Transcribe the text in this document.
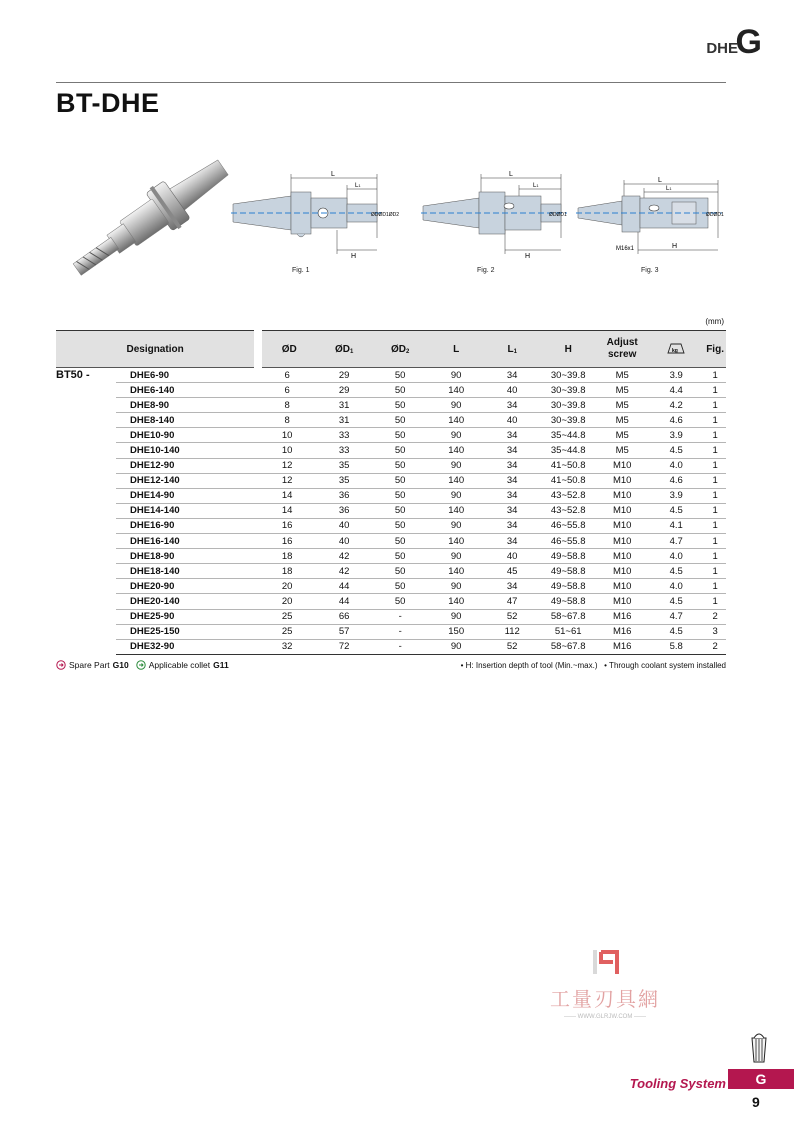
DHE
G
BT-DHE
L
L1
H
ØDØD1ØD2
Fig. 1
L
L1
H
ØDØD1
Fig. 2
L
L1
H
ØDØD1
M16x1
Fig. 3
(mm)
Designation		ØD	ØD1	ØD2	L	L1	H	Adjust screw	kg	Fig.
BT50 -	DHE6-90	6	29	50	90	34	30~39.8	M5	3.9	1
	DHE6-140	6	29	50	140	40	30~39.8	M5	4.4	1
	DHE8-90	8	31	50	90	34	30~39.8	M5	4.2	1
	DHE8-140	8	31	50	140	40	30~39.8	M5	4.6	1
	DHE10-90	10	33	50	90	34	35~44.8	M5	3.9	1
	DHE10-140	10	33	50	140	34	35~44.8	M5	4.5	1
	DHE12-90	12	35	50	90	34	41~50.8	M10	4.0	1
	DHE12-140	12	35	50	140	34	41~50.8	M10	4.6	1
	DHE14-90	14	36	50	90	34	43~52.8	M10	3.9	1
	DHE14-140	14	36	50	140	34	43~52.8	M10	4.5	1
	DHE16-90	16	40	50	90	34	46~55.8	M10	4.1	1
	DHE16-140	16	40	50	140	34	46~55.8	M10	4.7	1
	DHE18-90	18	42	50	90	40	49~58.8	M10	4.0	1
	DHE18-140	18	42	50	140	45	49~58.8	M10	4.5	1
	DHE20-90	20	44	50	90	34	49~58.8	M10	4.0	1
	DHE20-140	20	44	50	140	47	49~58.8	M10	4.5	1
	DHE25-90	25	66	-	90	52	58~67.8	M16	4.7	2
	DHE25-150	25	57	-	150	112	51~61	M16	4.5	3
	DHE32-90	32	72	-	90	52	58~67.8	M16	5.8	2
Spare Part G10 Applicable collet G11	• H: Insertion depth of tool (Min.~max.) • Through coolant system installed
工量刃具網
—— WWW.GLRJW.COM ——
Tooling System	G
9
